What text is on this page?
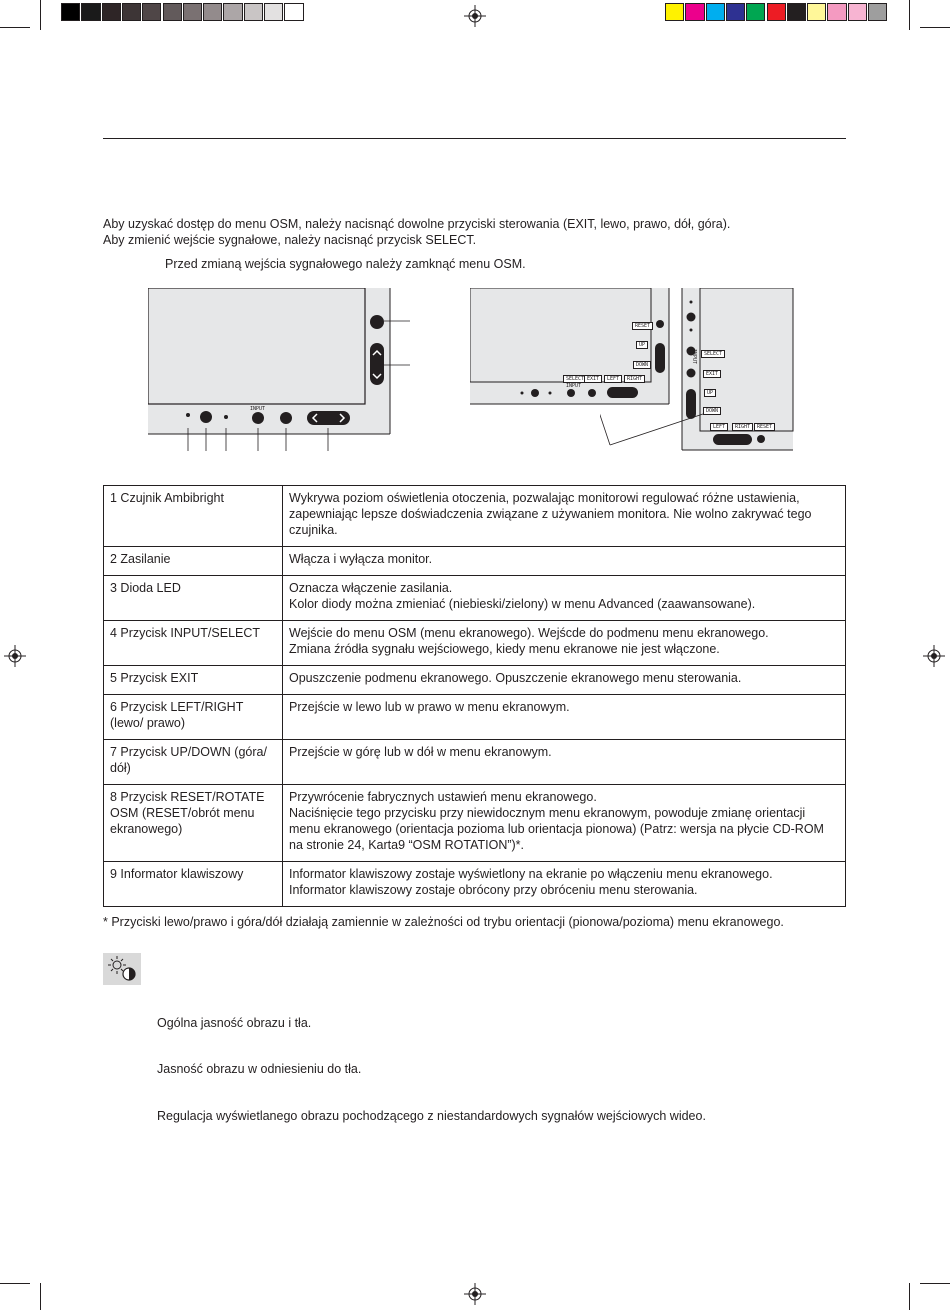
Aby uzyskać dostęp do menu OSM, należy nacisnąć dowolne przyciski sterowania (EXIT, lewo, prawo, dół, góra).
Aby zmienić wejście sygnałowe, należy nacisnąć przycisk SELECT.
Przed zmianą wejścia sygnałowego należy zamknąć menu OSM.
INPUT
RESET
UP
DOWN
SELECT EXIT	LEFT	RIGHT
INPUT
SELECT
EXIT
UP
DOWN
LEFT	RIGHT	RESET
INPUT
1 Czujnik Ambibright	Wykrywa poziom oświetlenia otoczenia, pozwalając monitorowi regulować różne ustawienia, zapewniając lepsze doświadczenia związane z używaniem monitora. Nie wolno zakrywać tego czujnika.

2 Zasilanie	Włącza i wyłącza monitor.

3 Dioda LED	Oznacza włączenie zasilania.
Kolor diody można zmieniać (niebieski/zielony) w menu Advanced (zaawansowane).

4 Przycisk INPUT/SELECT	Wejście do menu OSM (menu ekranowego). Wejścde do podmenu menu ekranowego.
Zmiana źródła sygnału wejściowego, kiedy menu ekranowe nie jest włączone.

5 Przycisk EXIT	Opuszczenie podmenu ekranowego. Opuszczenie ekranowego menu sterowania.

6 Przycisk LEFT/RIGHT (lewo/ prawo)	Przejście w lewo lub w prawo w menu ekranowym.

7 Przycisk UP/DOWN (góra/ dół)	Przejście w górę lub w dół w menu ekranowym.

8 Przycisk RESET/ROTATE OSM (RESET/obrót menu ekranowego)	Przywrócenie fabrycznych ustawień menu ekranowego.
Naciśnięcie tego przycisku przy niewidocznym menu ekranowym, powoduje zmianę orientacji menu ekranowego (orientacja pozioma lub orientacja pionowa) (Patrz: wersja na płycie CD-ROM na stronie 24, Karta9 “OSM ROTATION”)*.

9 Informator klawiszowy	Informator klawiszowy zostaje wyświetlony na ekranie po włączeniu menu ekranowego.
Informator klawiszowy zostaje obrócony przy obróceniu menu sterowania.
* Przyciski lewo/prawo i góra/dół działają zamiennie w zależności od trybu orientacji (pionowa/pozioma) menu ekranowego.
Ogólna jasność obrazu i tła.
Jasność obrazu w odniesieniu do tła.
Regulacja wyświetlanego obrazu pochodzącego z niestandardowych sygnałów wejściowych wideo.
